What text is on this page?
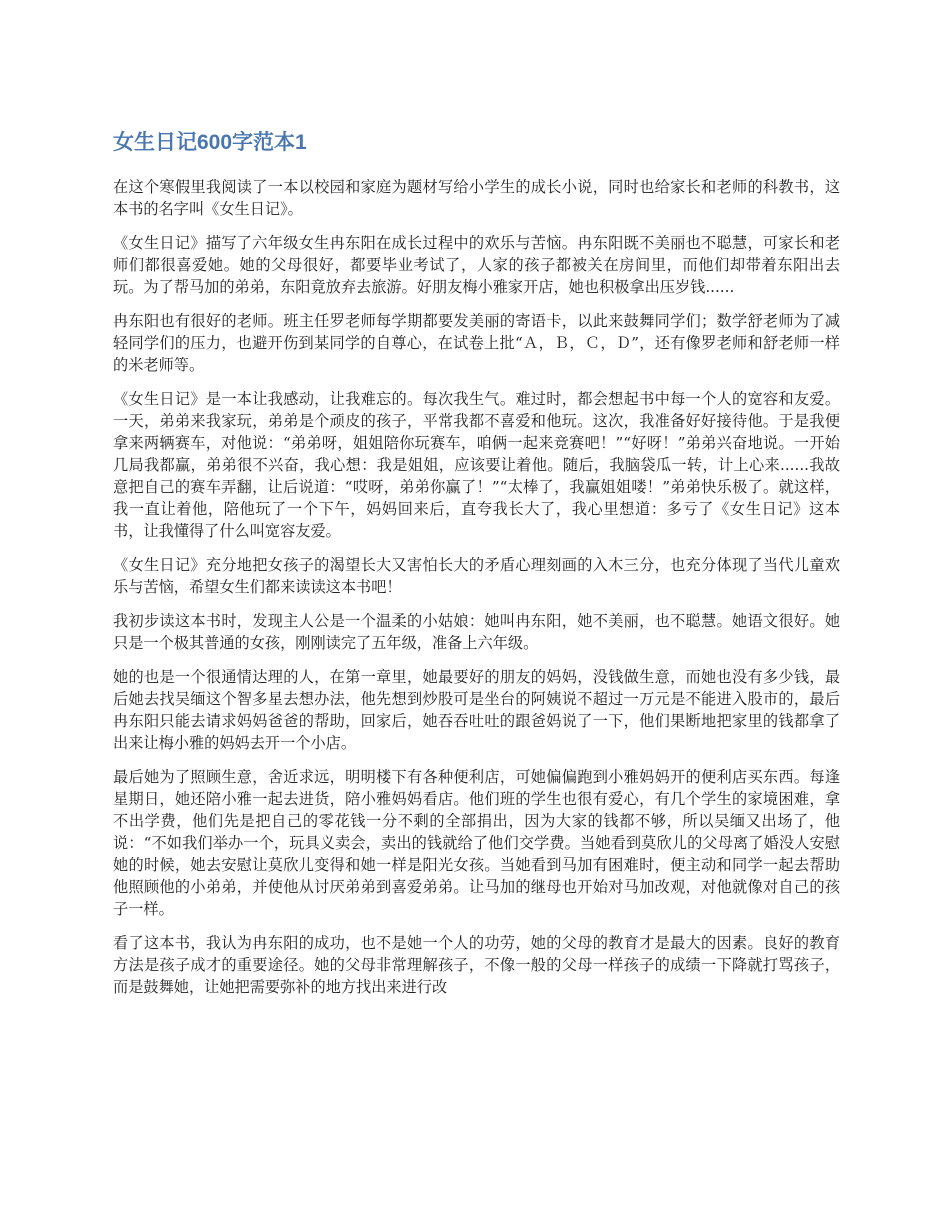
女生日记600字范本1

在这个寒假里我阅读了一本以校园和家庭为题材写给小学生的成长小说，同时也给家长和老师的科教书，这本书的名字叫《女生日记》。

《女生日记》描写了六年级女生冉东阳在成长过程中的欢乐与苦恼。冉东阳既不美丽也不聪慧，可家长和老师们都很喜爱她。她的父母很好，都要毕业考试了，人家的孩子都被关在房间里，而他们却带着东阳出去玩。为了帮马加的弟弟，东阳竟放弃去旅游。好朋友梅小雅家开店，她也积极拿出压岁钱......

冉东阳也有很好的老师。班主任罗老师每学期都要发美丽的寄语卡，以此来鼓舞同学们；数学舒老师为了减轻同学们的压力，也避开伤到某同学的自尊心，在试卷上批“Ａ，Ｂ，Ｃ，Ｄ”，还有像罗老师和舒老师一样的米老师等。

《女生日记》是一本让我感动，让我难忘的。每次我生气。难过时，都会想起书中每一个人的宽容和友爱。一天，弟弟来我家玩，弟弟是个顽皮的孩子，平常我都不喜爱和他玩。这次，我准备好好接待他。于是我便拿来两辆赛车，对他说：“弟弟呀，姐姐陪你玩赛车，咱俩一起来竞赛吧！”“好呀！”弟弟兴奋地说。一开始几局我都赢，弟弟很不兴奋，我心想：我是姐姐，应该要让着他。随后，我脑袋瓜一转，计上心来......我故意把自己的赛车弄翻，让后说道：“哎呀，弟弟你赢了！”“太棒了，我赢姐姐喽！”弟弟快乐极了。就这样，我一直让着他，陪他玩了一个下午，妈妈回来后，直夸我长大了，我心里想道：多亏了《女生日记》这本书，让我懂得了什么叫宽容友爱。

《女生日记》充分地把女孩子的渴望长大又害怕长大的矛盾心理刻画的入木三分，也充分体现了当代儿童欢乐与苦恼，希望女生们都来读读这本书吧！

我初步读这本书时，发现主人公是一个温柔的小姑娘：她叫冉东阳，她不美丽，也不聪慧。她语文很好。她只是一个极其普通的女孩，刚刚读完了五年级，准备上六年级。

她的也是一个很通情达理的人，在第一章里，她最要好的朋友的妈妈，没钱做生意，而她也没有多少钱，最后她去找吴缅这个智多星去想办法，他先想到炒股可是坐台的阿姨说不超过一万元是不能进入股市的，最后冉东阳只能去请求妈妈爸爸的帮助，回家后，她吞吞吐吐的跟爸妈说了一下，他们果断地把家里的钱都拿了出来让梅小雅的妈妈去开一个小店。

最后她为了照顾生意，舍近求远，明明楼下有各种便利店，可她偏偏跑到小雅妈妈开的便利店买东西。每逢星期日，她还陪小雅一起去进货，陪小雅妈妈看店。他们班的学生也很有爱心，有几个学生的家境困难，拿不出学费，他们先是把自己的零花钱一分不剩的全部捐出，因为大家的钱都不够，所以吴缅又出场了，他说：“不如我们举办一个，玩具义卖会，卖出的钱就给了他们交学费。当她看到莫欣儿的父母离了婚没人安慰她的时候，她去安慰让莫欣儿变得和她一样是阳光女孩。当她看到马加有困难时，便主动和同学一起去帮助他照顾他的小弟弟，并使他从讨厌弟弟到喜爱弟弟。让马加的继母也开始对马加改观，对他就像对自己的孩子一样。

看了这本书，我认为冉东阳的成功，也不是她一个人的功劳，她的父母的教育才是最大的因素。良好的教育方法是孩子成才的重要途径。她的父母非常理解孩子，不像一般的父母一样孩子的成绩一下降就打骂孩子，而是鼓舞她，让她把需要弥补的地方找出来进行改
